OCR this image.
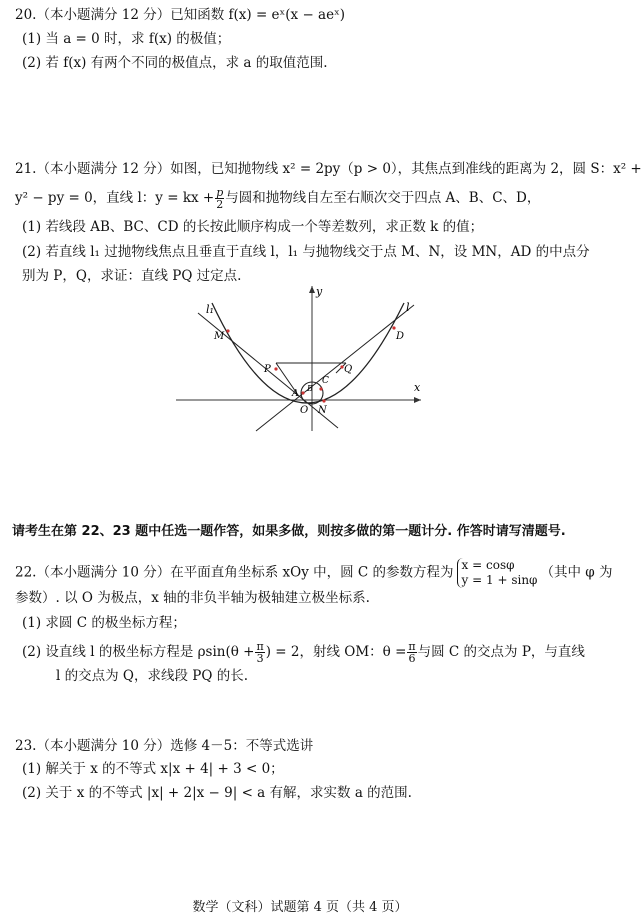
20.（本小题满分 12 分）已知函数 f(x) = eˣ(x − aeˣ)
(1) 当 a = 0 时，求 f(x) 的极值；
(2) 若 f(x) 有两个不同的极值点，求 a 的取值范围.
21.（本小题满分 12 分）如图，已知抛物线 x² = 2py（p > 0），其焦点到准线的距离为 2，圆 S：x² +
y² − py = 0，直线 l：y = kx + $\frac{p}{2}$ 与圆和抛物线自左至右顺次交于四点 A、B、C、D，
(1) 若线段 AB、BC、CD 的长按此顺序构成一个等差数列，求正数 k 的值；
(2) 若直线 l₁ 过抛物线焦点且垂直于直线 l，l₁ 与抛物线交于点 M、N，设 MN，AD 的中点分
别为 P，Q，求证：直线 PQ 过定点.
l₁	l
y
x
M	D
P	Q
A
B
C
O N
请考生在第 22、23 题中任选一题作答，如果多做，则按多做的第一题计分. 作答时请写清题号.
22.（本小题满分 10 分）在平面直角坐标系 xOy 中，圆 C 的参数方程为 x = cosφ
y = 1 + sinφ （其中 φ 为
参数）. 以 O 为极点，x 轴的非负半轴为极轴建立极坐标系.
(1) 求圆 C 的极坐标方程；
(2) 设直线 l 的极坐标方程是 $\rho\sin(\theta + \frac{\pi}{3}$ ) = 2，射线 OM：$\theta = \frac{\pi}{6}$ 与圆 C 的交点为 P，与直线
l 的交点为 Q，求线段 PQ 的长.
23.（本小题满分 10 分）选修 4－5：不等式选讲
(1) 解关于 x 的不等式 x|x + 4| + 3 < 0；
(2) 关于 x 的不等式 |x| + 2|x − 9| < a 有解，求实数 a 的范围.
数学（文科）试题第 4 页（共 4 页）
